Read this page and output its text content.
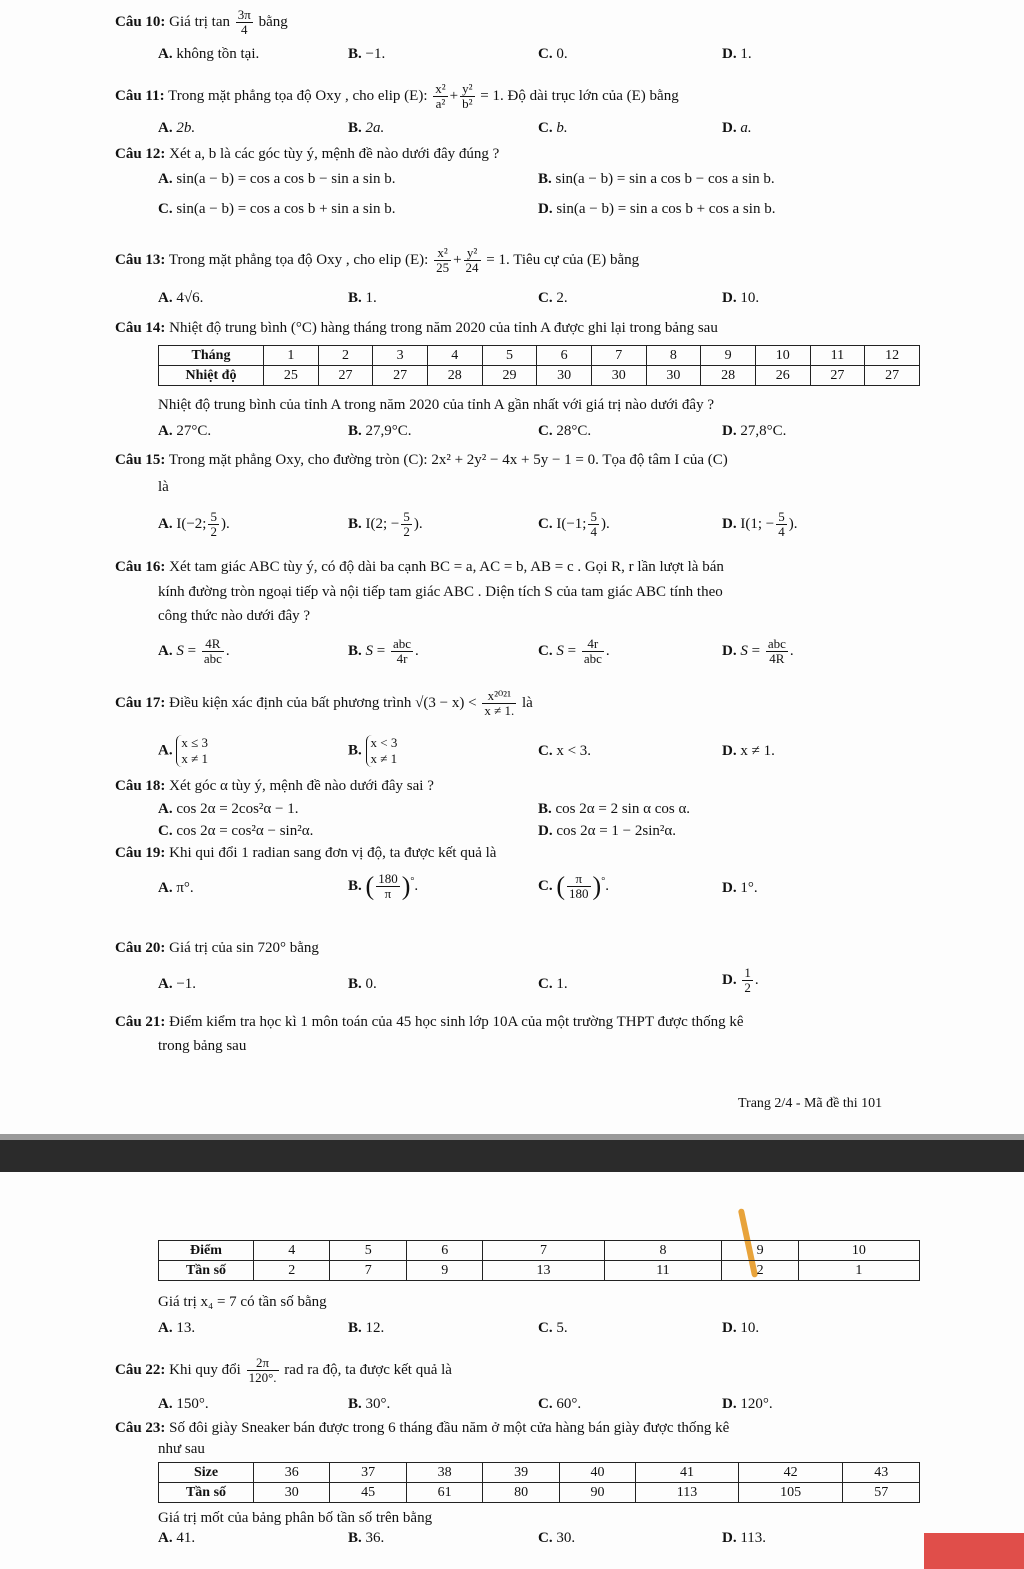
Câu 10: Giá trị $\tan \frac{3\pi}{4}$ bằng
A. không tồn tại.	B. −1.	C. 0.	D. 1.
Câu 11: Trong mặt phẳng tọa độ Oxy , cho elip (E): $\frac{\text{x²}}{\text{a²}} + \frac{\text{y²}}{\text{b²}} = 1$. Độ dài trục lớn của (E) bằng
A. 2b.	B. 2a.	C. b.	D. a.
Câu 12: Xét a, b là các góc tùy ý, mệnh đề nào dưới đây đúng ?
A. sin(a − b) = cos a cos b − sin a sin b.	B. sin(a − b) = sin a cos b − cos a sin b.
C. sin(a − b) = cos a cos b + sin a sin b.	D. sin(a − b) = sin a cos b + cos a sin b.
Câu 13: Trong mặt phẳng tọa độ Oxy , cho elip (E): $\frac{\text{x²}}{25} + \frac{\text{y²}}{24} = 1$. Tiêu cự của (E) bằng
A. 4√6.	B. 1.	C. 2.	D. 10.
Câu 14: Nhiệt độ trung bình (°C) hàng tháng trong năm 2020 của tỉnh A được ghi lại trong bảng sau
Tháng	1	2	3	4	5	6	7	8	9	10	11	12
Nhiệt độ	25	27	27	28	29	30	30	30	28	26	27	27
Nhiệt độ trung bình của tỉnh A trong năm 2020 của tỉnh A gần nhất với giá trị nào dưới đây ?
A. 27°C.	B. 27,9°C.	C. 28°C.	D. 27,8°C.
Câu 15: Trong mặt phẳng Oxy, cho đường tròn (C): 2x² + 2y² − 4x + 5y − 1 = 0. Tọa độ tâm I của (C)
là
A. I(−2; $\frac{5}{2}$ ).	B. I(2; − $\frac{5}{2}$ ).	C. I(−1; $\frac{5}{4}$ ).	D. I(1; − $\frac{5}{4}$ ).
Câu 16: Xét tam giác ABC tùy ý, có độ dài ba cạnh BC = a, AC = b, AB = c . Gọi R, r lần lượt là bán
kính đường tròn ngoại tiếp và nội tiếp tam giác ABC . Diện tích S của tam giác ABC tính theo
công thức nào dưới đây ?
A. $S = \frac{4R}{\text{abc}}$ .	B. $S = \frac{\text{abc}}{4r}$ .	C. $S = \frac{4r}{\text{abc}}$ .	D. $S = \frac{\text{abc}}{4R}$ .
Câu 17: Điều kiện xác định của bất phương trình $√(3 - x) < \frac{\text{x²⁰²¹}}{x \ne 1.}$ là
A. x ≤ 3
x ≠ 1
B. x < 3
x ≠ 1	C. x < 3.	D. x ≠ 1.
Câu 18: Xét góc α tùy ý, mệnh đề nào dưới đây sai ?
A. cos 2α = 2cos²α − 1.	B. cos 2α = 2 sin α cos α.
C. cos 2α = cos²α − sin²α.	D. cos 2α = 1 − 2sin²α.
Câu 19: Khi qui đổi 1 radian sang đơn vị độ, ta được kết quả là
A. π°.	B. ( $\frac{180}{\pi} )^\circ$.	C. ( $\frac{\pi}{180} )^\circ$.	D. 1°.
Câu 20: Giá trị của sin 720° bằng
A. −1.	B. 0.	C. 1.	D. $\frac{1}{2}$ .
Câu 21: Điểm kiểm tra học kì 1 môn toán của 45 học sinh lớp 10A của một trường THPT được thống kê
trong bảng sau
Trang 2/4 - Mã đề thi 101
Điểm	4	5	6	7	8	9	10
Tần số	2	7	9	13	11	2	1
Giá trị x₄ = 7 có tần số bằng
A. 13.	B. 12.	C. 5.	D. 10.
Câu 22: Khi quy đổi $\frac{2\pi}{120^\circ.}$ rad ra độ, ta được kết quả là
A. 150°.	B. 30°.	C. 60°.	D. 120°.
Câu 23: Số đôi giày Sneaker bán được trong 6 tháng đầu năm ở một cửa hàng bán giày được thống kê
như sau
Size	36	37	38	39	40	41	42	43
Tần số	30	45	61	80	90	113	105	57
Giá trị mốt của bảng phân bố tần số trên bằng
A. 41.	B. 36.	C. 30.	D. 113.
